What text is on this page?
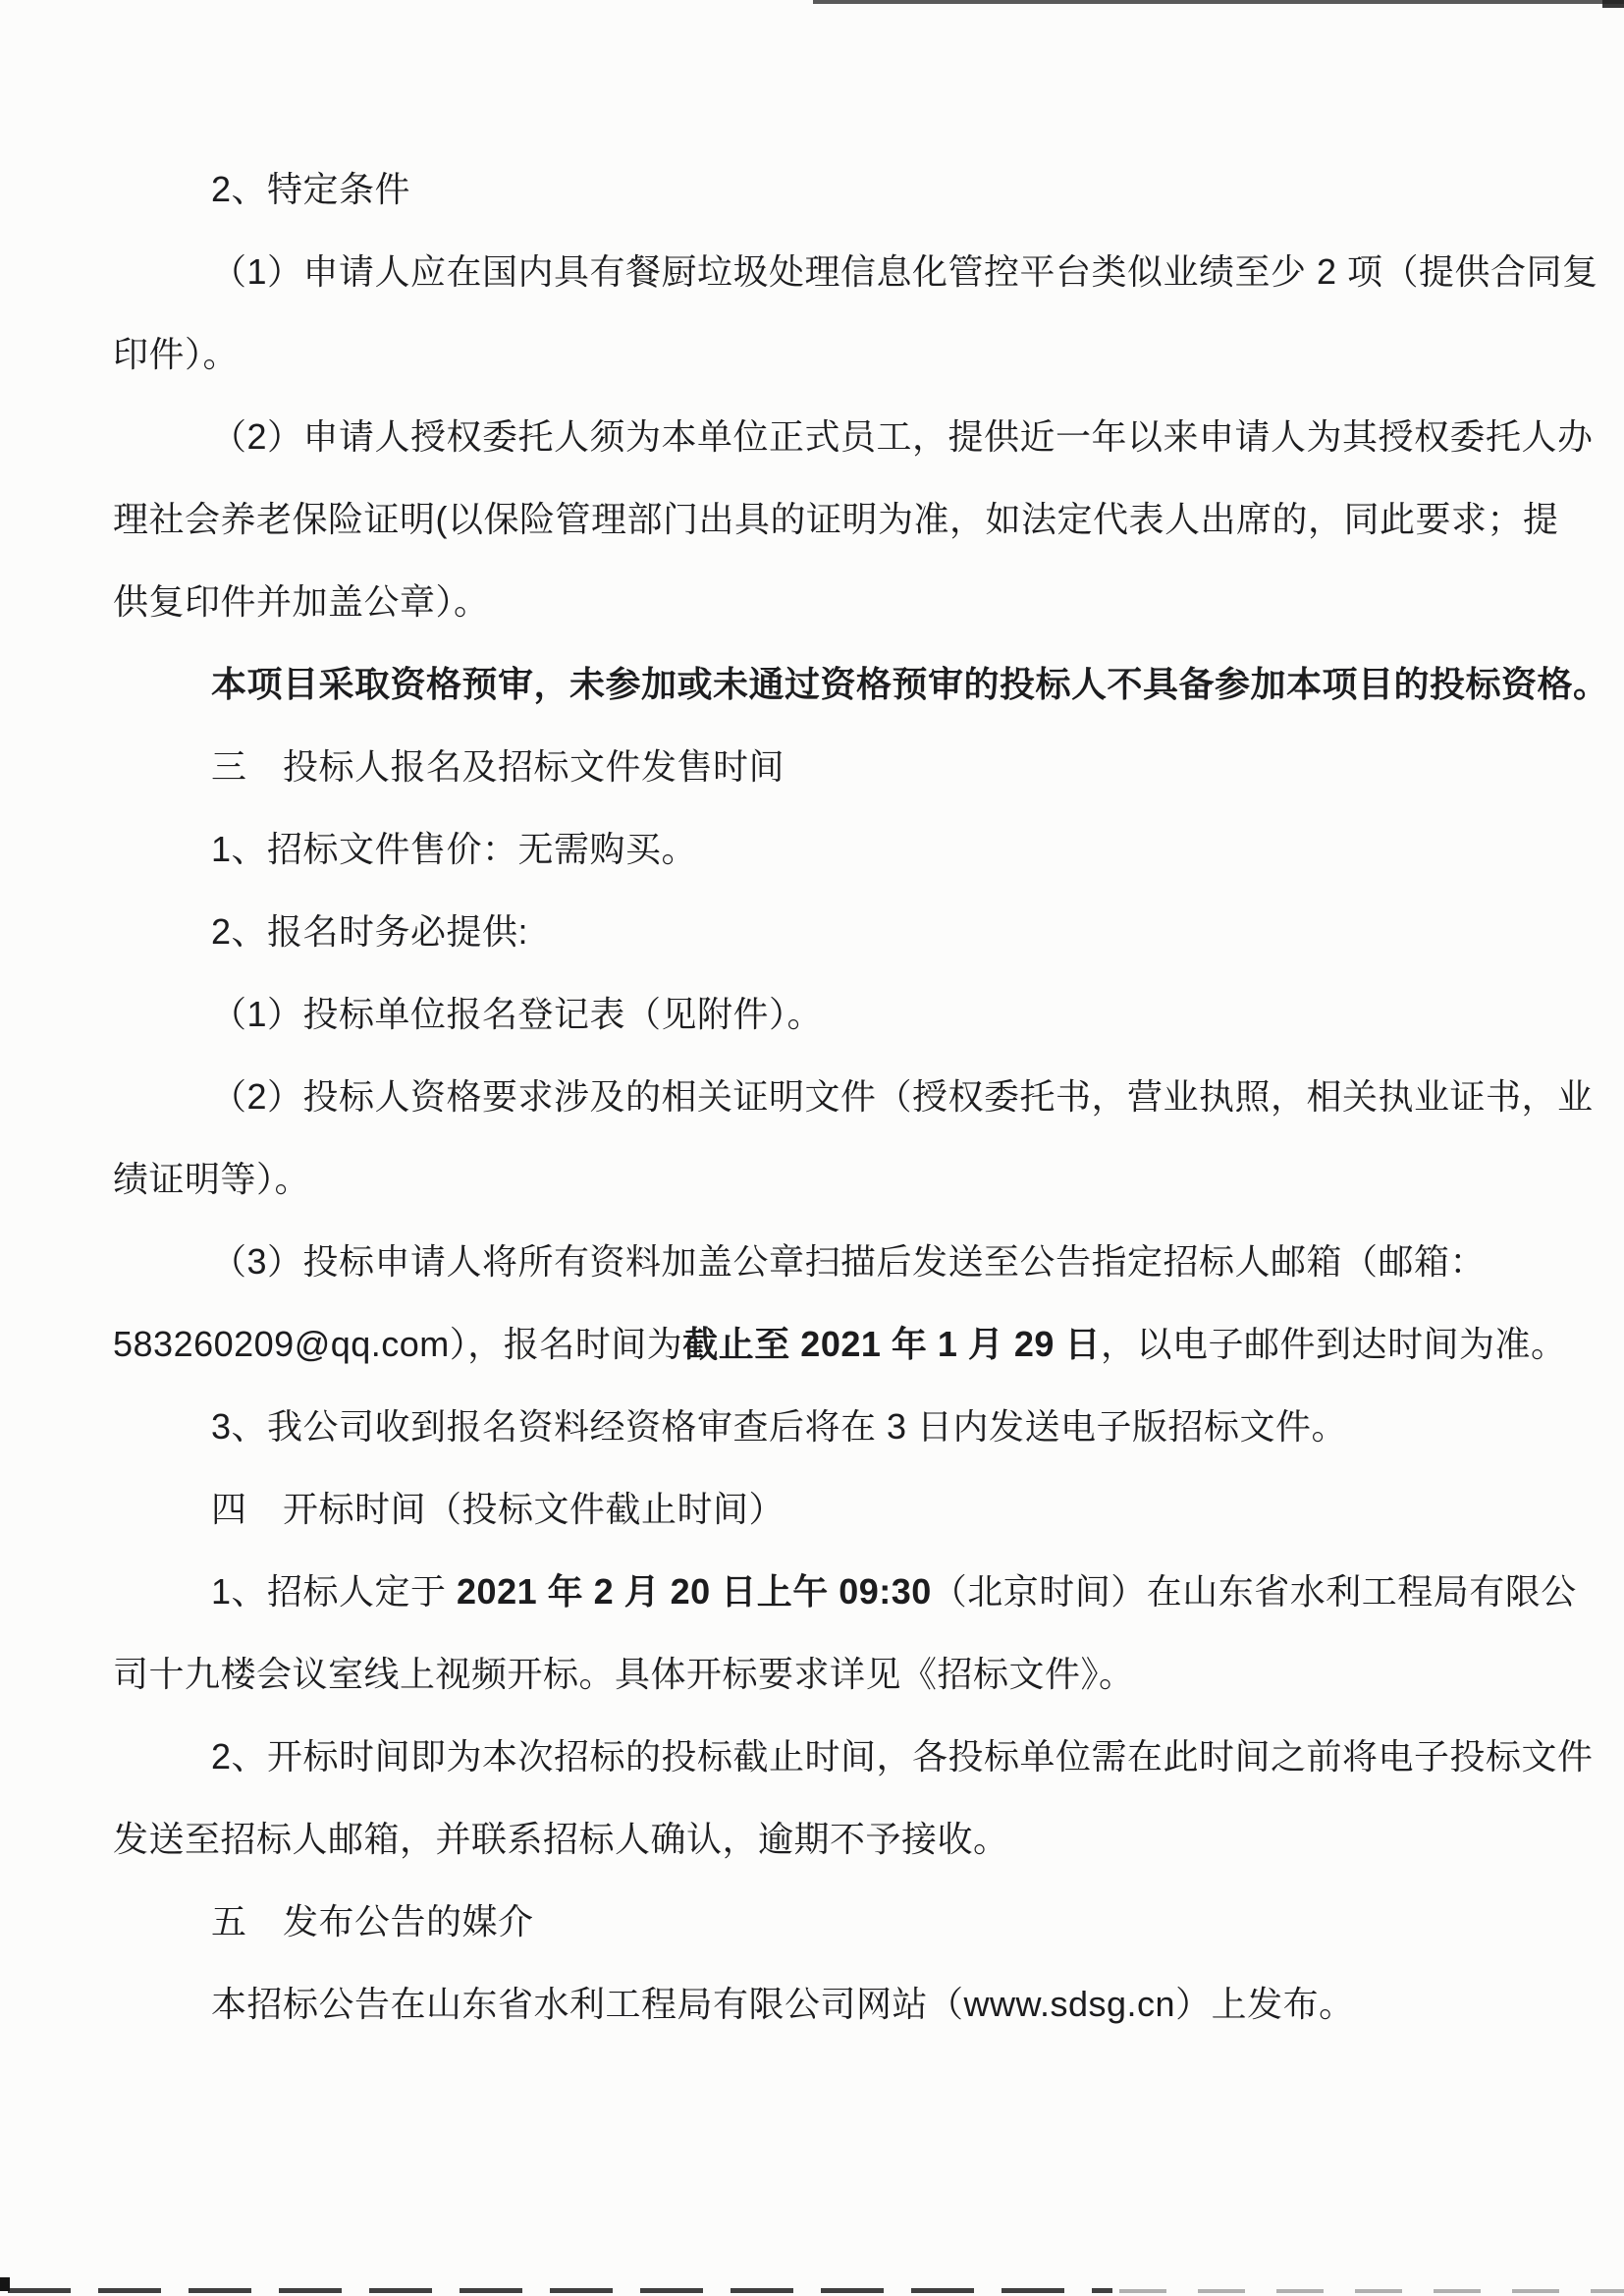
2、特定条件
（1）申请人应在国内具有餐厨垃圾处理信息化管控平台类似业绩至少 2 项（提供合同复
印件）。
（2）申请人授权委托人须为本单位正式员工，提供近一年以来申请人为其授权委托人办
理社会养老保险证明(以保险管理部门出具的证明为准，如法定代表人出席的，同此要求；提
供复印件并加盖公章）。
本项目采取资格预审，未参加或未通过资格预审的投标人不具备参加本项目的投标资格。
三　投标人报名及招标文件发售时间
1、招标文件售价：无需购买。
2、报名时务必提供:
（1）投标单位报名登记表（见附件）。
（2）投标人资格要求涉及的相关证明文件（授权委托书，营业执照，相关执业证书，业
绩证明等）。
（3）投标申请人将所有资料加盖公章扫描后发送至公告指定招标人邮箱（邮箱：
583260209@qq.com），报名时间为截止至 2021 年 1 月 29 日，以电子邮件到达时间为准。
3、我公司收到报名资料经资格审查后将在 3 日内发送电子版招标文件。
四　开标时间（投标文件截止时间）
1、招标人定于 2021 年 2 月 20 日上午 09:30（北京时间）在山东省水利工程局有限公
司十九楼会议室线上视频开标。具体开标要求详见《招标文件》。
2、开标时间即为本次招标的投标截止时间，各投标单位需在此时间之前将电子投标文件
发送至招标人邮箱，并联系招标人确认，逾期不予接收。
五　发布公告的媒介
本招标公告在山东省水利工程局有限公司网站（www.sdsg.cn）上发布。
